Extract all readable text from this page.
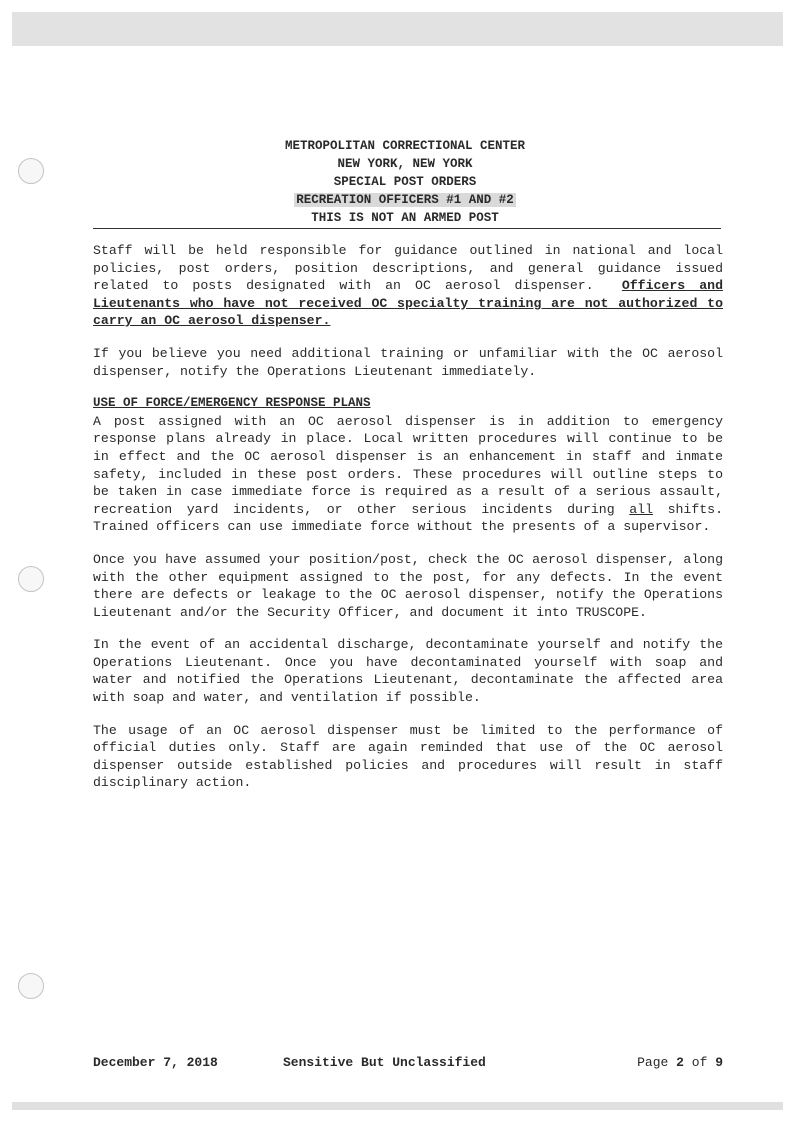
METROPOLITAN CORRECTIONAL CENTER
NEW YORK, NEW YORK
SPECIAL POST ORDERS
RECREATION OFFICERS #1 AND #2
THIS IS NOT AN ARMED POST

Staff will be held responsible for guidance outlined in national and local policies, post orders, position descriptions, and general guidance issued related to posts designated with an OC aerosol dispenser. Officers and Lieutenants who have not received OC specialty training are not authorized to carry an OC aerosol dispenser.

If you believe you need additional training or unfamiliar with the OC aerosol dispenser, notify the Operations Lieutenant immediately.

USE OF FORCE/EMERGENCY RESPONSE PLANS

A post assigned with an OC aerosol dispenser is in addition to emergency response plans already in place. Local written procedures will continue to be in effect and the OC aerosol dispenser is an enhancement in staff and inmate safety, included in these post orders. These procedures will outline steps to be taken in case immediate force is required as a result of a serious assault, recreation yard incidents, or other serious incidents during all shifts. Trained officers can use immediate force without the presents of a supervisor.

Once you have assumed your position/post, check the OC aerosol dispenser, along with the other equipment assigned to the post, for any defects. In the event there are defects or leakage to the OC aerosol dispenser, notify the Operations Lieutenant and/or the Security Officer, and document it into TRUSCOPE.

In the event of an accidental discharge, decontaminate yourself and notify the Operations Lieutenant. Once you have decontaminated yourself with soap and water and notified the Operations Lieutenant, decontaminate the affected area with soap and water, and ventilation if possible.

The usage of an OC aerosol dispenser must be limited to the performance of official duties only. Staff are again reminded that use of the OC aerosol dispenser outside established policies and procedures will result in staff disciplinary action.

December 7, 2018	Sensitive But Unclassified	Page 2 of 9
